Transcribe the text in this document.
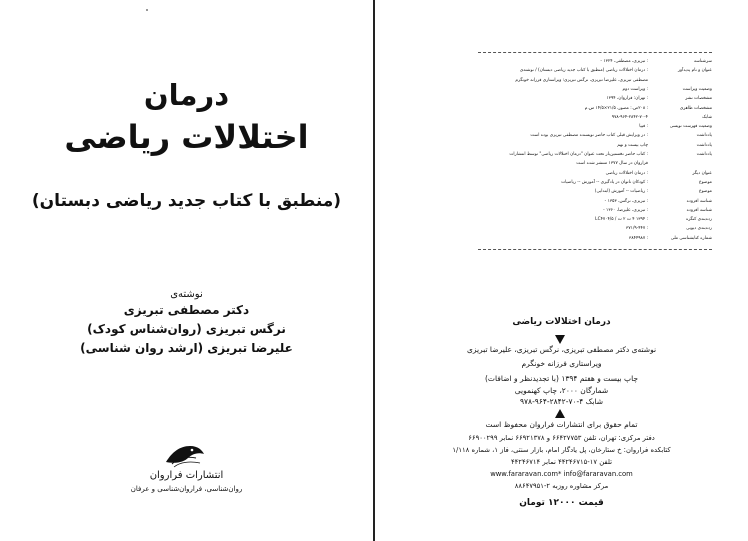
درمان
اختلالات ریاضی
(منطبق با کتاب جدید ریاضی دبستان)
نوشته‌ی
دکتر مصطفی تبریزی
نرگس تبریزی (روان‌شناس کودک)
علیرضا تبریزی (ارشد روان شناسی)
انتشارات فراروان
روان‌شناسی، فراروان‌شناسی و عرفان
سرشناسه
: تبریزی، مصطفی، ۱۳۲۴ -
عنوان و نام پدیدآور
: درمان اختلالات ریاضی (منطبق با کتاب جدید ریاضی دبستان) / نوشته‌ی
مصطفی تبریزی، علیرضا تبریزی، نرگس تبریزی؛ ویراستاری فرزانه خونگرم
وضعیت ویراست
: ویراست دوم
مشخصات نشر
: تهران: فراروان، ۱۳۹۴
مشخصات ظاهری
: ۲۰۸ص.: مصور، ۲۱/۵×۱۴/۵ س.م
شابک
۹۷۸-۹۶۴-۲۸۴۲-۷۰-۴
وضعیت فهرست نویسی
: فیپا
یادداشت
: در ویرایش قبلی کتاب حاضر نویسنده مصطفی تبریزی بوده است
یادداشت
چاپ بیست و نهم
یادداشت
: کتاب حاضر نخستین‌بار تحت عنوان "درمان اختلالات ریاضی" توسط انتشارات
فراروان در سال ۱۳۷۷ منتشر شده است
عنوان دیگر
: درمان اختلالات ریاضی
موضوع
: کودکان ناتوان در یادگیری -- آموزش -- ریاضیات
موضوع
: ریاضیات -- آموزش (ابتدایی)
شناسه افزوده
: تبریزی، نرگس، ۱۳۵۳ -
شناسه افزوده
: تبریزی، علیرضا، ۱۳۶۰ -
رده‌بندی کنگره
: ۱۳۹۴ ۴ ت ۲ ت / LC۴۷۰۴/۵
رده‌بندی دیویی
: ۳۷۱/۹-۴۴۷
شماره کتابشناسی ملی
: ۳۸۴۴۹۸۷
درمان اختلالات ریاضی
نوشته‌ی دکتر مصطفی تبریزی، نرگس تبریزی، علیرضا تبریزی
ویراستاری فرزانه خونگرم
چاپ بیست و هفتم ۱۳۹۴ (با تجدیدنظر و اضافات)
شمارگان ۲۰۰۰، چاپ کهنمویی
شابک ۴-۷۰-۲۸۴۲-۹۶۴-۹۷۸
تمام حقوق برای انتشارات فراروان محفوظ است
دفتر مرکزی: تهران، تلفن ۶۶۴۲۷۷۵۳ و ۶۶۹۲۱۳۷۸ نمابر ۶۶۹۰۰۲۹۹
کتابکده فراروان: خ ستارخان، پل یادگار امام، بازار سنتی، فاز ۱، شماره ۱/۱۱۸
تلفن ۱۷-۴۴۲۴۶۷۱۵ نمابر ۴۴۲۴۶۷۱۴
www.fararavan.com* info@fararavan.com
مرکز مشاوره روزبه ۲-۸۸۶۴۷۹۵۱
قیمت ۱۲۰۰۰ تومان
